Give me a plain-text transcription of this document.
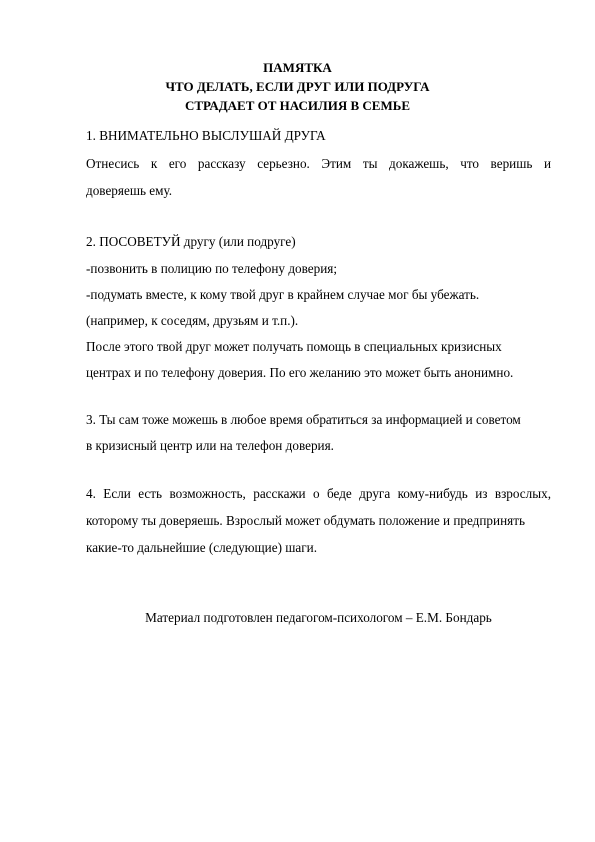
ПАМЯТКА
ЧТО ДЕЛАТЬ, ЕСЛИ ДРУГ ИЛИ ПОДРУГА
СТРАДАЕТ ОТ НАСИЛИЯ В СЕМЬЕ
1. ВНИМАТЕЛЬНО ВЫСЛУШАЙ ДРУГА
Отнесись к его рассказу серьезно. Этим ты докажешь, что веришь и
доверяешь ему.
2. ПОСОВЕТУЙ другу (или подруге)
-позвонить в полицию по телефону доверия;
-подумать вместе, к кому твой друг в крайнем случае мог бы убежать.
(например, к соседям, друзьям и т.п.).
После этого твой друг может получать помощь в специальных кризисных
центрах и по телефону доверия. По его желанию это может быть анонимно.
3. Ты сам тоже можешь в любое время обратиться за информацией и советом
в кризисный центр или на телефон доверия.
4. Если есть возможность, расскажи о беде друга кому-нибудь из взрослых,
которому ты доверяешь. Взрослый может обдумать положение и предпринять
какие-то дальнейшие (следующие) шаги.
Материал подготовлен педагогом-психологом – Е.М. Бондарь
